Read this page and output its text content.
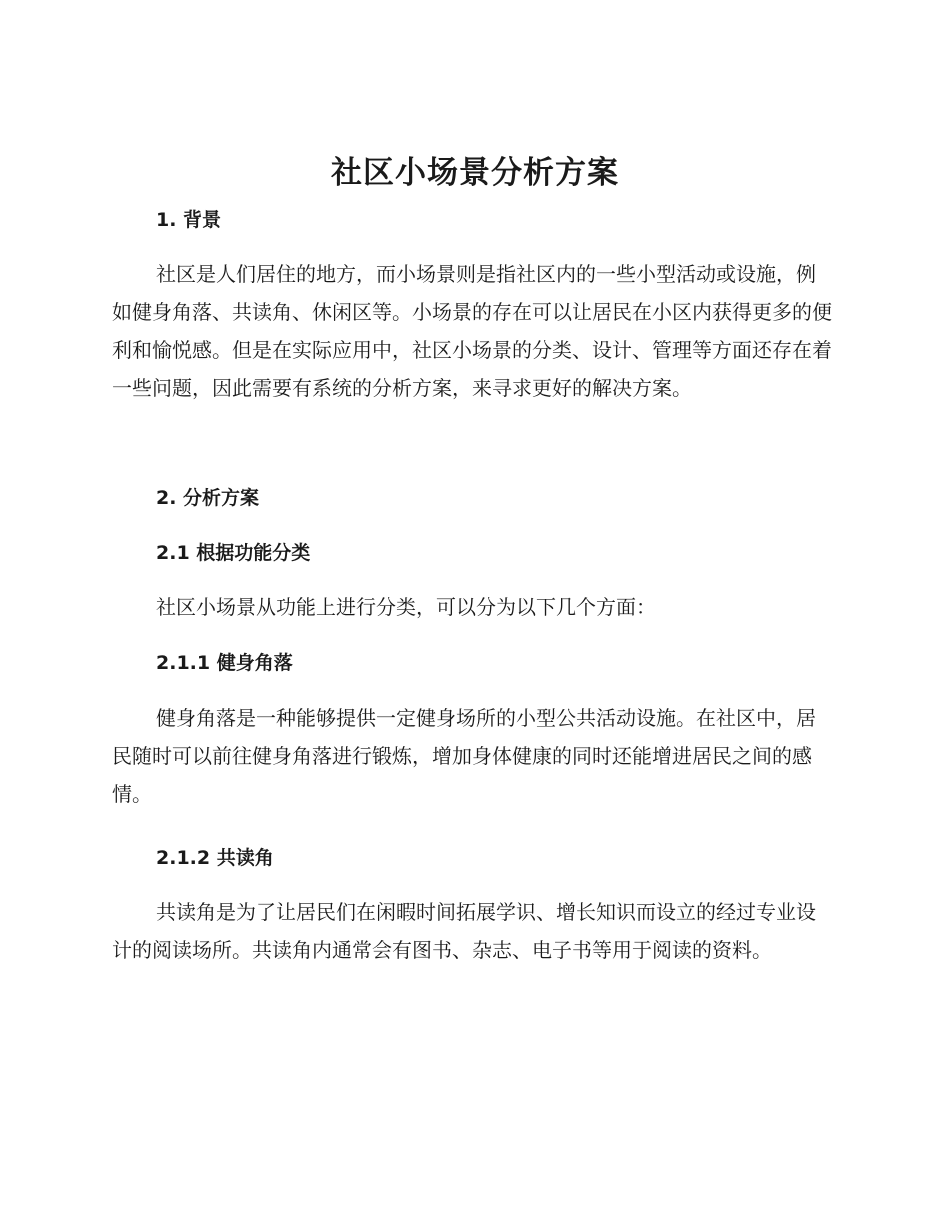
社区小场景分析方案
1. 背景

社区是人们居住的地方，而小场景则是指社区内的一些小型活动或设施，例如健身角落、共读角、休闲区等。小场景的存在可以让居民在小区内获得更多的便利和愉悦感。但是在实际应用中，社区小场景的分类、设计、管理等方面还存在着一些问题，因此需要有系统的分析方案，来寻求更好的解决方案。

2. 分析方案
2.1 根据功能分类

社区小场景从功能上进行分类，可以分为以下几个方面：

2.1.1 健身角落

健身角落是一种能够提供一定健身场所的小型公共活动设施。在社区中，居民随时可以前往健身角落进行锻炼，增加身体健康的同时还能增进居民之间的感情。

2.1.2 共读角

共读角是为了让居民们在闲暇时间拓展学识、增长知识而设立的经过专业设计的阅读场所。共读角内通常会有图书、杂志、电子书等用于阅读的资料。
